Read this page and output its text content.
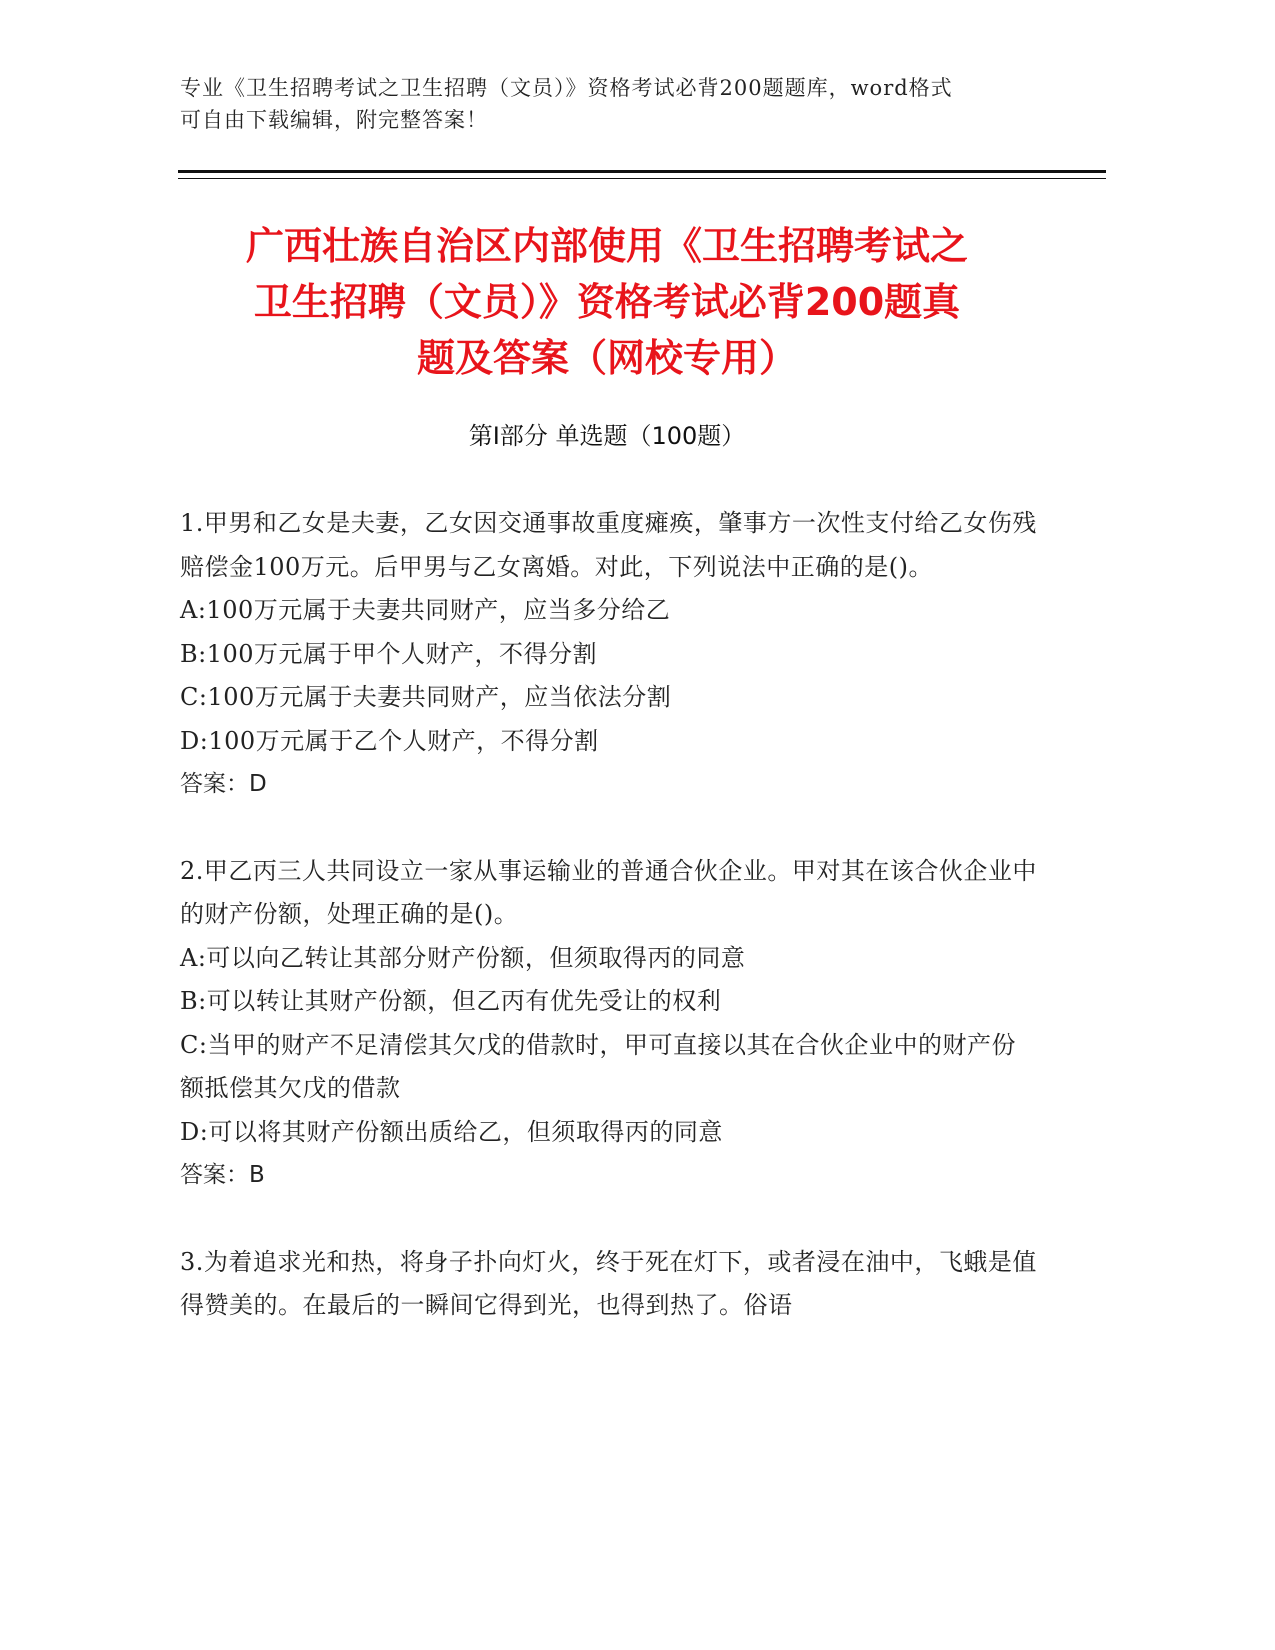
专业《卫生招聘考试之卫生招聘（文员）》资格考试必背200题题库，word格式
可自由下载编辑，附完整答案！
广西壮族自治区内部使用《卫生招聘考试之
卫生招聘（文员）》资格考试必背200题真
题及答案（网校专用）
第Ⅰ部分 单选题（100题）

1.甲男和乙女是夫妻，乙女因交通事故重度瘫痪，肇事方一次性支付给乙女伤残赔偿金100万元。后甲男与乙女离婚。对此，下列说法中正确的是()。

A:100万元属于夫妻共同财产，应当多分给乙

B:100万元属于甲个人财产，不得分割

C:100万元属于夫妻共同财产，应当依法分割

D:100万元属于乙个人财产，不得分割

答案：D

2.甲乙丙三人共同设立一家从事运输业的普通合伙企业。甲对其在该合伙企业中的财产份额，处理正确的是()。

A:可以向乙转让其部分财产份额，但须取得丙的同意

B:可以转让其财产份额，但乙丙有优先受让的权利

C:当甲的财产不足清偿其欠戊的借款时，甲可直接以其在合伙企业中的财产份额抵偿其欠戊的借款

D:可以将其财产份额出质给乙，但须取得丙的同意

答案：B

3.为着追求光和热，将身子扑向灯火，终于死在灯下，或者浸在油中，飞蛾是值得赞美的。在最后的一瞬间它得到光，也得到热了。俗语
